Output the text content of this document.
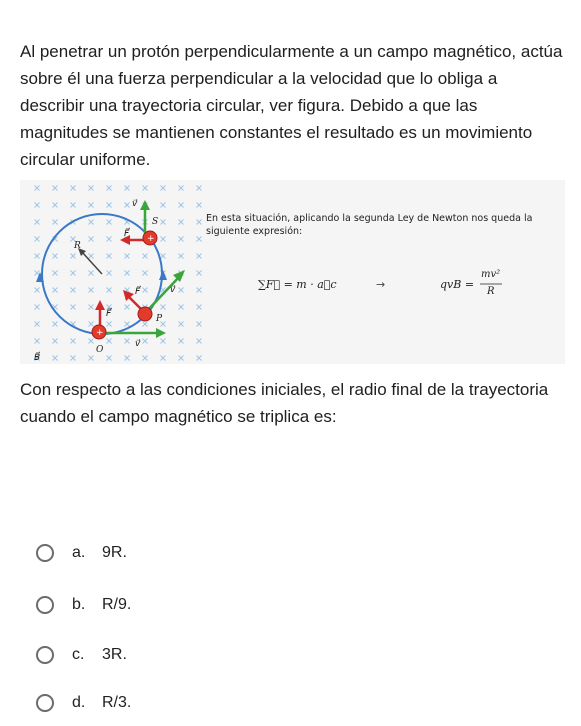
Al penetrar un protón perpendicularmente a un campo magnético, actúa sobre él una fuerza perpendicular a la velocidad que lo obliga a describir una trayectoria circular, ver figura. Debido a que las magnitudes se mantienen constantes el resultado es un movimiento circular uniforme.

+
+
S
P
O
R
B⃗
v⃗
F⃗
v⃗
F⃗
v⃗
F⃗
→
En esta situación, aplicando la segunda Ley de Newton nos queda la siguiente expresión:
∑F⃗ = m · a⃗c	qvB =
mv²
R

Con respecto a las condiciones iniciales, el radio final de la trayectoria cuando el campo magnético se triplica es:

a.	9R.
b.	R/9.
c.	3R.
d.	R/3.
